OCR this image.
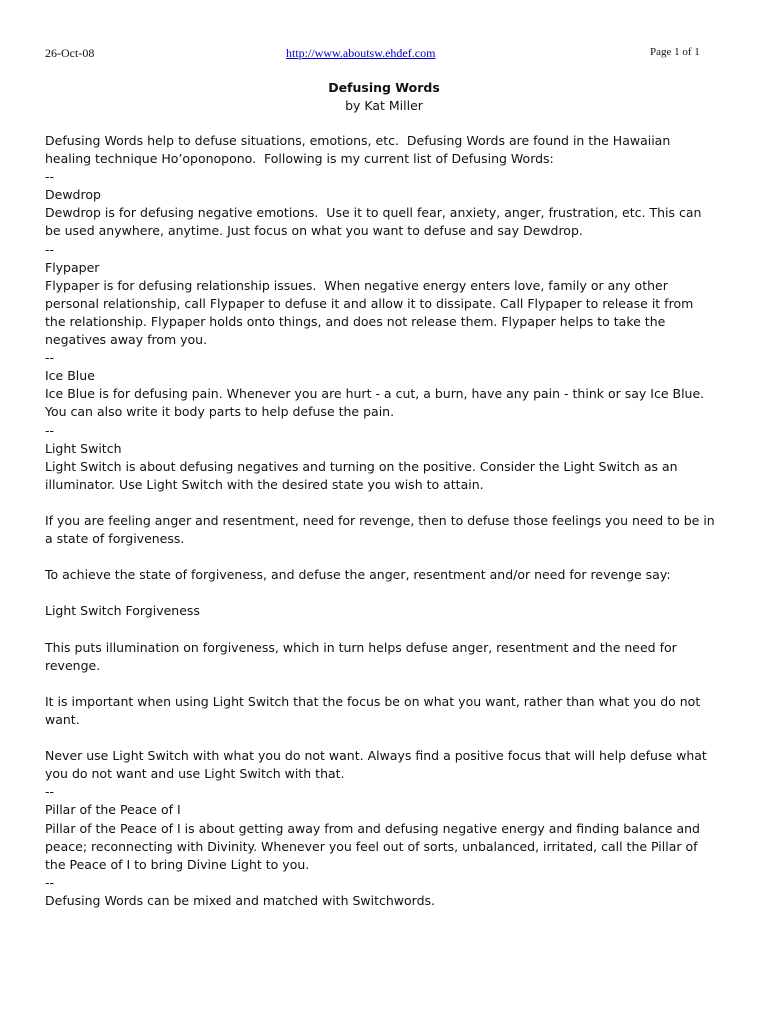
26-Oct-08	http://www.aboutsw.ehdef.com	Page 1 of 1
Defusing Words
by Kat Miller

Defusing Words help to defuse situations, emotions, etc.  Defusing Words are found in the Hawaiian

healing technique Ho’oponopono.  Following is my current list of Defusing Words:

--

Dewdrop

Dewdrop is for defusing negative emotions.  Use it to quell fear, anxiety, anger, frustration, etc. This can

be used anywhere, anytime. Just focus on what you want to defuse and say Dewdrop.

--

Flypaper

Flypaper is for defusing relationship issues.  When negative energy enters love, family or any other

personal relationship, call Flypaper to defuse it and allow it to dissipate. Call Flypaper to release it from

the relationship. Flypaper holds onto things, and does not release them. Flypaper helps to take the

negatives away from you.

--

Ice Blue

Ice Blue is for defusing pain. Whenever you are hurt - a cut, a burn, have any pain - think or say Ice Blue.

You can also write it body parts to help defuse the pain.

--

Light Switch

Light Switch is about defusing negatives and turning on the positive. Consider the Light Switch as an

illuminator. Use Light Switch with the desired state you wish to attain.

If you are feeling anger and resentment, need for revenge, then to defuse those feelings you need to be in

a state of forgiveness.

To achieve the state of forgiveness, and defuse the anger, resentment and/or need for revenge say:

Light Switch Forgiveness

This puts illumination on forgiveness, which in turn helps defuse anger, resentment and the need for

revenge.

It is important when using Light Switch that the focus be on what you want, rather than what you do not

want.

Never use Light Switch with what you do not want. Always find a positive focus that will help defuse what

you do not want and use Light Switch with that.

--

Pillar of the Peace of I

Pillar of the Peace of I is about getting away from and defusing negative energy and finding balance and

peace; reconnecting with Divinity. Whenever you feel out of sorts, unbalanced, irritated, call the Pillar of

the Peace of I to bring Divine Light to you.

--

Defusing Words can be mixed and matched with Switchwords.
